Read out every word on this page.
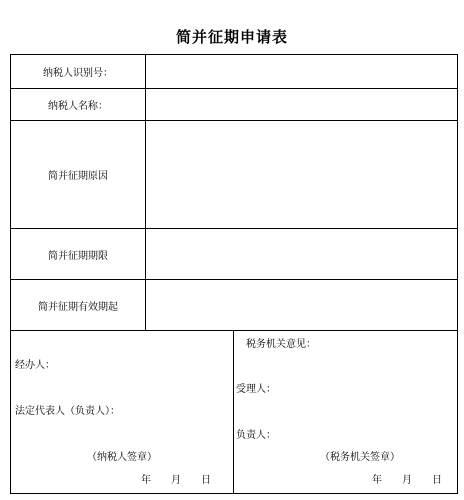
简并征期申请表
纳税人识别号：
纳税人名称：
简并征期原因
简并征期期限
简并征期有效期起
经办人：
法定代表人（负责人）：
（纳税人签章）
年　　月　　日
税务机关意见：
受理人：
负责人：
（税务机关签章）
年　　月　　日
